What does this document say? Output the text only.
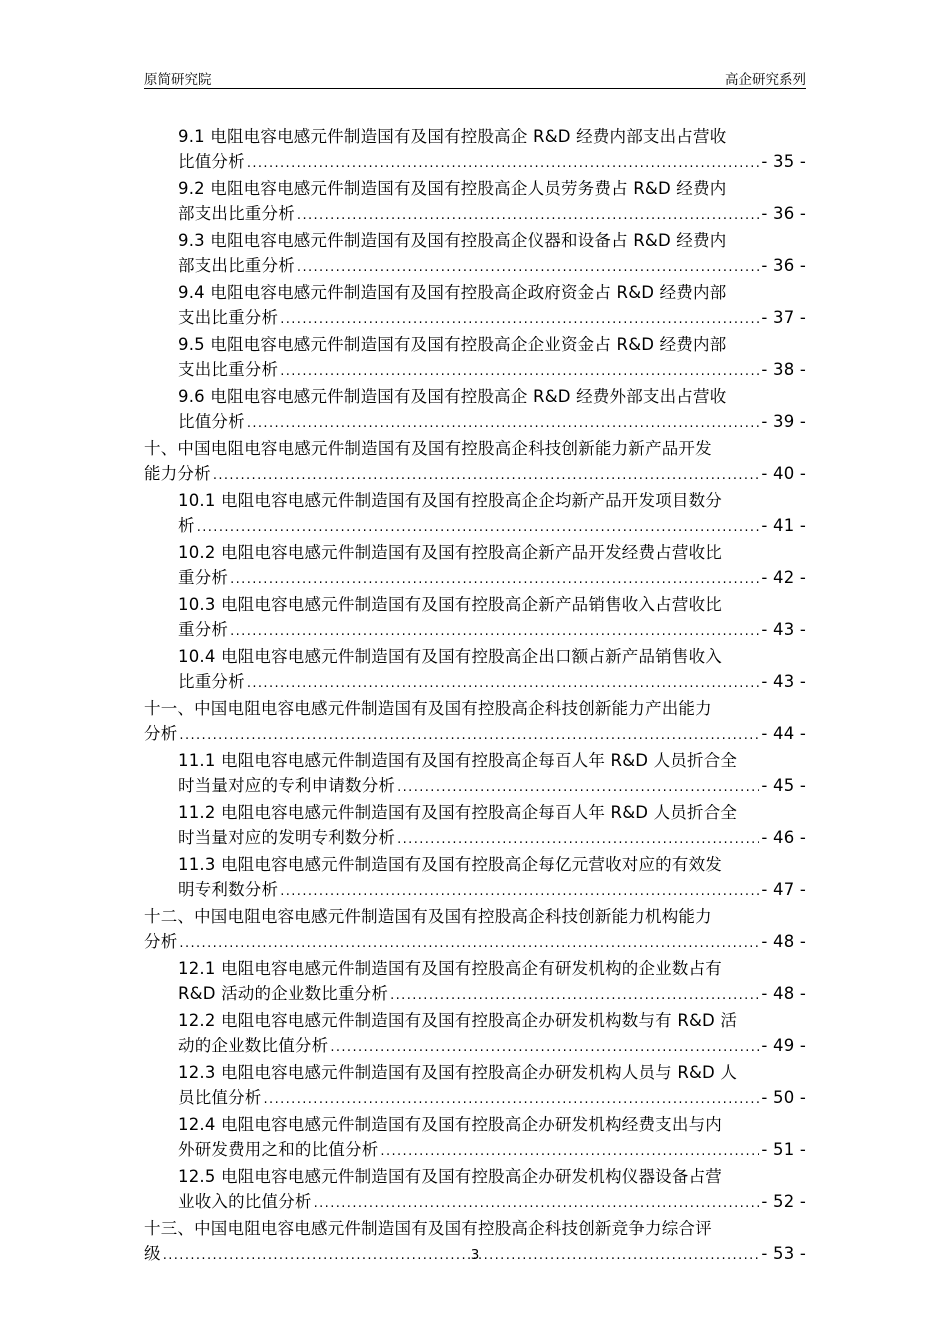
原简研究院	高企研究系列
9.1 电阻电容电感元件制造国有及国有控股高企 R&D 经费内部支出占营收
比值分析 .....	- 35 -
9.2 电阻电容电感元件制造国有及国有控股高企人员劳务费占 R&D 经费内
部支出比重分析 .....	- 36 -
9.3 电阻电容电感元件制造国有及国有控股高企仪器和设备占 R&D 经费内
部支出比重分析 .....	- 36 -
9.4 电阻电容电感元件制造国有及国有控股高企政府资金占 R&D 经费内部
支出比重分析 .....	- 37 -
9.5 电阻电容电感元件制造国有及国有控股高企企业资金占 R&D 经费内部
支出比重分析 .....	- 38 -
9.6 电阻电容电感元件制造国有及国有控股高企 R&D 经费外部支出占营收
比值分析 .....	- 39 -
十、中国电阻电容电感元件制造国有及国有控股高企科技创新能力新产品开发
能力分析 .....	- 40 -
10.1 电阻电容电感元件制造国有及国有控股高企企均新产品开发项目数分
析 .....	- 41 -
10.2 电阻电容电感元件制造国有及国有控股高企新产品开发经费占营收比
重分析 .....	- 42 -
10.3 电阻电容电感元件制造国有及国有控股高企新产品销售收入占营收比
重分析 .....	- 43 -
10.4 电阻电容电感元件制造国有及国有控股高企出口额占新产品销售收入
比重分析 .....	- 43 -
十一、中国电阻电容电感元件制造国有及国有控股高企科技创新能力产出能力
分析 .....	- 44 -
11.1 电阻电容电感元件制造国有及国有控股高企每百人年 R&D 人员折合全
时当量对应的专利申请数分析 .....	- 45 -
11.2 电阻电容电感元件制造国有及国有控股高企每百人年 R&D 人员折合全
时当量对应的发明专利数分析 .....	- 46 -
11.3 电阻电容电感元件制造国有及国有控股高企每亿元营收对应的有效发
明专利数分析 .....	- 47 -
十二、中国电阻电容电感元件制造国有及国有控股高企科技创新能力机构能力
分析 .....	- 48 -
12.1 电阻电容电感元件制造国有及国有控股高企有研发机构的企业数占有
R&D 活动的企业数比重分析 .....	- 48 -
12.2 电阻电容电感元件制造国有及国有控股高企办研发机构数与有 R&D 活
动的企业数比值分析 .....	- 49 -
12.3 电阻电容电感元件制造国有及国有控股高企办研发机构人员与 R&D 人
员比值分析 .....	- 50 -
12.4 电阻电容电感元件制造国有及国有控股高企办研发机构经费支出与内
外研发费用之和的比值分析 .....	- 51 -
12.5 电阻电容电感元件制造国有及国有控股高企办研发机构仪器设备占营
业收入的比值分析 .....	- 52 -
十三、中国电阻电容电感元件制造国有及国有控股高企科技创新竞争力综合评
级 .....	- 53 -
3
